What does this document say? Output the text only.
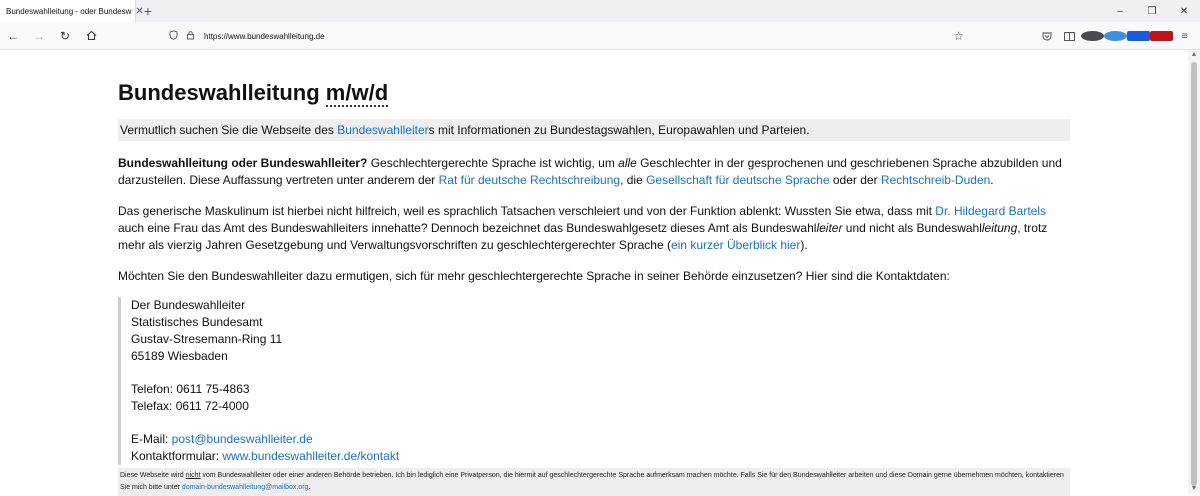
Bundeswahlleitung - oder Bundesw ✕ +	–	❐	✕
← → ↻	https://www.bundeswahlleitung.de	☆	≡
Bundeswahlleitung m/w/d
Vermutlich suchen Sie die Webseite des Bundeswahlleiters mit Informationen zu Bundestagswahlen, Europawahlen und Parteien.

Bundeswahlleitung oder Bundeswahlleiter? Geschlechtergerechte Sprache ist wichtig, um alle Geschlechter in der gesprochenen und geschriebenen Sprache abzubilden und darzustellen. Diese Auffassung vertreten unter anderem der Rat für deutsche Rechtschreibung, die Gesellschaft für deutsche Sprache oder der Rechtschreib-Duden.

Das generische Maskulinum ist hierbei nicht hilfreich, weil es sprachlich Tatsachen verschleiert und von der Funktion ablenkt: Wussten Sie etwa, dass mit Dr. Hildegard Bartels auch eine Frau das Amt des Bundeswahlleiters innehatte? Dennoch bezeichnet das Bundeswahlgesetz dieses Amt als Bundeswahlleiter und nicht als Bundeswahlleitung, trotz mehr als vierzig Jahren Gesetzgebung und Verwaltungsvorschriften zu geschlechtergerechter Sprache (ein kurzer Überblick hier).

Möchten Sie den Bundeswahlleiter dazu ermutigen, sich für mehr geschlechtergerechte Sprache in seiner Behörde einzusetzen? Hier sind die Kontaktdaten:

Der Bundeswahlleiter
Statistisches Bundesamt
Gustav-Stresemann-Ring 11
65189 Wiesbaden
Telefon: 0611 75-4863
Telefax: 0611 72-4000
E-Mail: post@bundeswahlleiter.de
Kontaktformular: www.bundeswahlleiter.de/kontakt
Diese Webseite wird nicht vom Bundeswahlleiter oder einer anderen Behörde betrieben. Ich bin lediglich eine Privatperson, die hiermit auf geschlechtergerechte Sprache aufmerksam machen möchte. Falls Sie für den Bundeswahlleiter arbeiten und diese Domain gerne übernehmen möchten, kontaktieren Sie mich bitte unter domain-bundeswahlleitung@mailbox.org.
▲
▼
